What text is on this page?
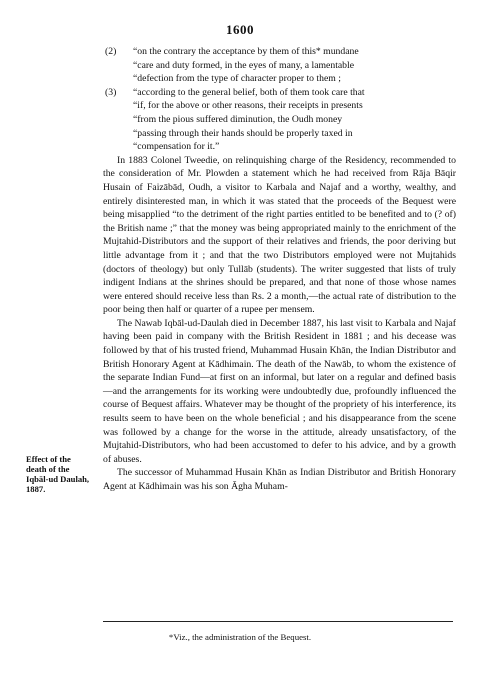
1600
(2) “on the contrary the acceptance by them of this* mundane
“care and duty formed, in the eyes of many, a lamentable
“defection from the type of character proper to them ;
(3) “according to the general belief, both of them took care that
“if, for the above or other reasons, their receipts in presents
“from the pious suffered diminution, the Oudh money
“passing through their hands should be properly taxed in
“compensation for it.”

In 1883 Colonel Tweedie, on relinquishing charge of the Residency, recommended to the consideration of Mr. Plowden a statement which he had received from Rāja Bāqir Husain of Faizābād, Oudh, a visitor to Karbala and Najaf and a worthy, wealthy, and entirely disinterested man, in which it was stated that the proceeds of the Bequest were being misapplied “to the detriment of the right parties entitled to be benefited and to (? of) the British name ;” that the money was being appropriated mainly to the enrichment of the Mujtahid-Distributors and the support of their relatives and friends, the poor deriving but little advantage from it ; and that the two Distributors employed were not Mujtahids (doctors of theology) but only Tullāb (students). The writer suggested that lists of truly indigent Indians at the shrines should be prepared, and that none of those whose names were entered should receive less than Rs. 2 a month,—the actual rate of distribution to the poor being then half or quarter of a rupee per mensem.

The Nawab Iqbāl-ud-Daulah died in December 1887, his last visit to Karbala and Najaf having been paid in company with the British Resident in 1881 ; and his decease was followed by that of his trusted friend, Muhammad Husain Khān, the Indian Distributor and British Honorary Agent at Kādhimain. The death of the Nawāb, to whom the existence of the separate Indian Fund—at first on an informal, but later on a regular and defined basis—and the arrangements for its working were undoubtedly due, profoundly influenced the course of Bequest affairs. Whatever may be thought of the propriety of his interference, its results seem to have been on the whole beneficial ; and his disappearance from the scene was followed by a change for the worse in the attitude, already unsatisfactory, of the Mujtahid-Distributors, who had been accustomed to defer to his advice, and by a growth of abuses.

The successor of Muhammad Husain Khān as Indian Distributor and British Honorary Agent at Kādhimain was his son Āgha Muham-

Effect of the death of the Iqbāl-ud Daulah, 1887.
*Viz., the administration of the Bequest.
